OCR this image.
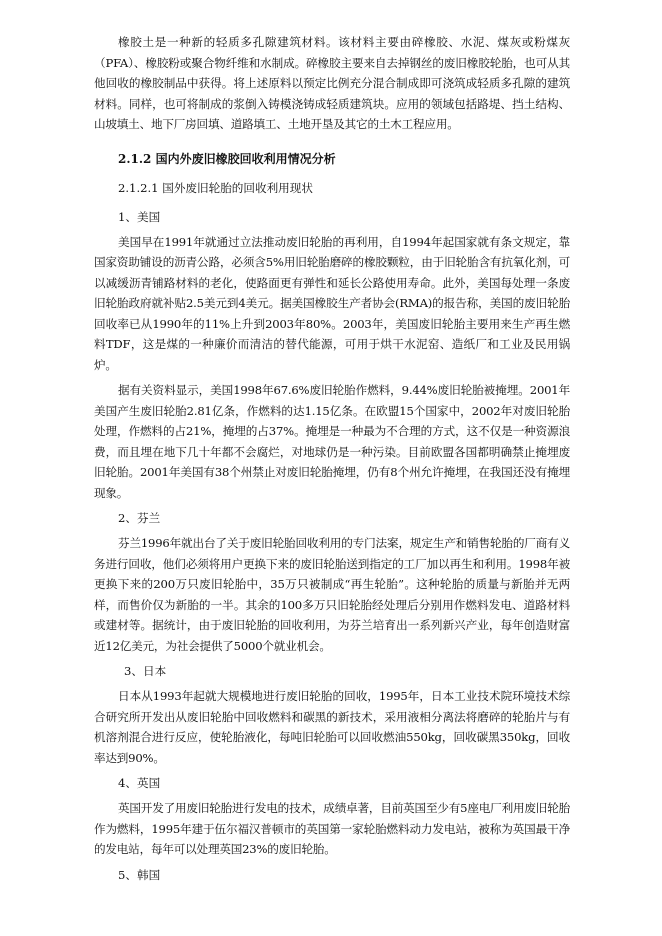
橡胶土是一种新的轻质多孔隙建筑材料。该材料主要由碎橡胶、水泥、煤灰或粉煤灰（PFA）、橡胶粉或聚合物纤维和水制成。碎橡胶主要来自去掉钢丝的废旧橡胶轮胎，也可从其他回收的橡胶制品中获得。将上述原料以预定比例充分混合制成即可浇筑成轻质多孔隙的建筑材料。同样，也可将制成的浆倒入铸模浇铸成轻质建筑块。应用的领域包括路堤、挡土结构、山坡填土、地下厂房回填、道路填工、土地开垦及其它的土木工程应用。

2.1.2 国内外废旧橡胶回收利用情况分析
2.1.2.1 国外废旧轮胎的回收利用现状
1、美国

美国早在1991年就通过立法推动废旧轮胎的再利用，自1994年起国家就有条文规定，靠国家资助铺设的沥青公路，必须含5%用旧轮胎磨碎的橡胶颗粒，由于旧轮胎含有抗氧化剂，可以减缓沥青铺路材料的老化，使路面更有弹性和延长公路使用寿命。此外，美国每处理一条废旧轮胎政府就补贴2.5美元到4美元。据美国橡胶生产者协会(RMA)的报告称，美国的废旧轮胎回收率已从1990年的11%上升到2003年80%。2003年，美国废旧轮胎主要用来生产再生燃料TDF，这是煤的一种廉价而清洁的替代能源，可用于烘干水泥窑、造纸厂和工业及民用锅炉。

据有关资料显示，美国1998年67.6%废旧轮胎作燃料，9.44%废旧轮胎被掩埋。2001年美国产生废旧轮胎2.81亿条，作燃料的达1.15亿条。在欧盟15个国家中，2002年对废旧轮胎处理，作燃料的占21%，掩埋的占37%。掩埋是一种最为不合理的方式，这不仅是一种资源浪费，而且埋在地下几十年都不会腐烂，对地球仍是一种污染。目前欧盟各国都明确禁止掩埋废旧轮胎。2001年美国有38个州禁止对废旧轮胎掩埋，仍有8个州允许掩埋，在我国还没有掩埋现象。

2、芬兰

芬兰1996年就出台了关于废旧轮胎回收利用的专门法案，规定生产和销售轮胎的厂商有义务进行回收，他们必须将用户更换下来的废旧轮胎送到指定的工厂加以再生和利用。1998年被更换下来的200万只废旧轮胎中，35万只被制成“再生轮胎”。这种轮胎的质量与新胎并无两样，而售价仅为新胎的一半。其余的100多万只旧轮胎经处理后分别用作燃料发电、道路材料或建材等。据统计，由于废旧轮胎的回收利用，为芬兰培育出一系列新兴产业，每年创造财富近12亿美元，为社会提供了5000个就业机会。

3、日本

日本从1993年起就大规模地进行废旧轮胎的回收，1995年，日本工业技术院环境技术综合研究所开发出从废旧轮胎中回收燃料和碳黑的新技术，采用液相分离法将磨碎的轮胎片与有机溶剂混合进行反应，使轮胎液化，每吨旧轮胎可以回收燃油550kg，回收碳黑350kg，回收率达到90%。

4、英国

英国开发了用废旧轮胎进行发电的技术，成绩卓著，目前英国至少有5座电厂利用废旧轮胎作为燃料，1995年建于伍尔福汉普顿市的英国第一家轮胎燃料动力发电站，被称为英国最干净的发电站，每年可以处理英国23%的废旧轮胎。

5、韩国
